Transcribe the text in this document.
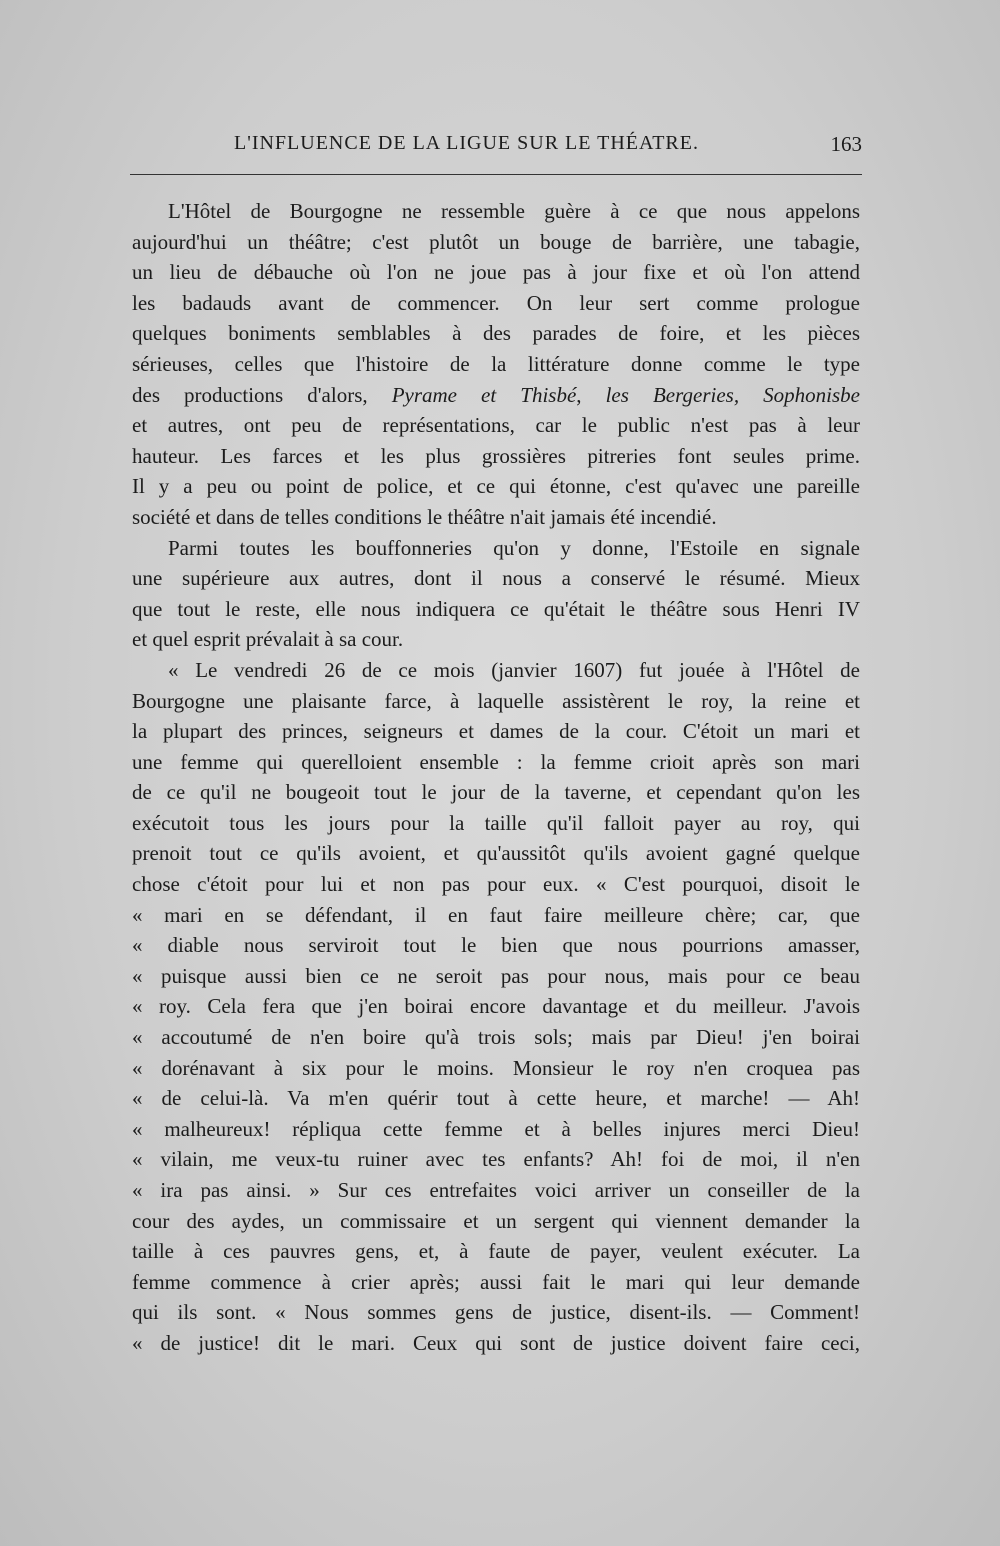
L'INFLUENCE DE LA LIGUE SUR LE THÉATRE.	163
L'Hôtel de Bourgogne ne ressemble guère à ce que nous appelons
aujourd'hui un théâtre; c'est plutôt un bouge de barrière, une tabagie,
un lieu de débauche où l'on ne joue pas à jour fixe et où l'on attend
les badauds avant de commencer. On leur sert comme prologue
quelques boniments semblables à des parades de foire, et les pièces
sérieuses, celles que l'histoire de la littérature donne comme le type
des productions d'alors, Pyrame et Thisbé, les Bergeries, Sophonisbe
et autres, ont peu de représentations, car le public n'est pas à leur
hauteur. Les farces et les plus grossières pitreries font seules prime.
Il y a peu ou point de police, et ce qui étonne, c'est qu'avec une pareille
société et dans de telles conditions le théâtre n'ait jamais été incendié.
Parmi toutes les bouffonneries qu'on y donne, l'Estoile en signale
une supérieure aux autres, dont il nous a conservé le résumé. Mieux
que tout le reste, elle nous indiquera ce qu'était le théâtre sous Henri IV
et quel esprit prévalait à sa cour.
« Le vendredi 26 de ce mois (janvier 1607) fut jouée à l'Hôtel de
Bourgogne une plaisante farce, à laquelle assistèrent le roy, la reine et
la plupart des princes, seigneurs et dames de la cour. C'étoit un mari et
une femme qui querelloient ensemble : la femme crioit après son mari
de ce qu'il ne bougeoit tout le jour de la taverne, et cependant qu'on les
exécutoit tous les jours pour la taille qu'il falloit payer au roy, qui
prenoit tout ce qu'ils avoient, et qu'aussitôt qu'ils avoient gagné quelque
chose c'étoit pour lui et non pas pour eux. « C'est pourquoi, disoit le
« mari en se défendant, il en faut faire meilleure chère; car, que
« diable nous serviroit tout le bien que nous pourrions amasser,
« puisque aussi bien ce ne seroit pas pour nous, mais pour ce beau
« roy. Cela fera que j'en boirai encore davantage et du meilleur. J'avois
« accoutumé de n'en boire qu'à trois sols; mais par Dieu! j'en boirai
« dorénavant à six pour le moins. Monsieur le roy n'en croquea pas
« de celui-là. Va m'en quérir tout à cette heure, et marche! — Ah!
« malheureux! répliqua cette femme et à belles injures merci Dieu!
« vilain, me veux-tu ruiner avec tes enfants? Ah! foi de moi, il n'en
« ira pas ainsi. » Sur ces entrefaites voici arriver un conseiller de la
cour des aydes, un commissaire et un sergent qui viennent demander la
taille à ces pauvres gens, et, à faute de payer, veulent exécuter. La
femme commence à crier après; aussi fait le mari qui leur demande
qui ils sont. « Nous sommes gens de justice, disent-ils. — Comment!
« de justice! dit le mari. Ceux qui sont de justice doivent faire ceci,
